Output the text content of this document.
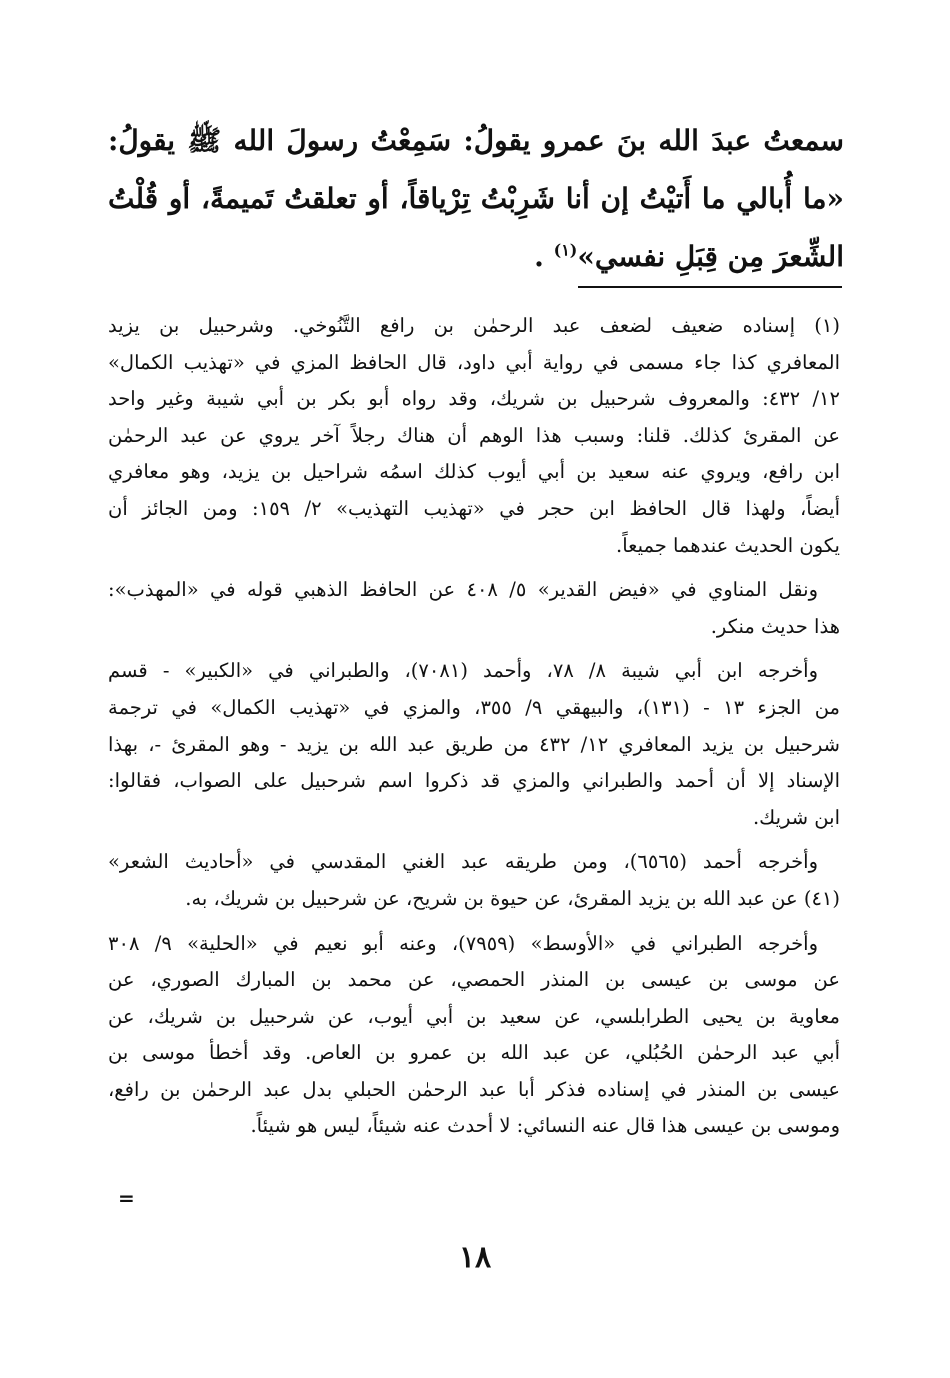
سمعتُ عبدَ الله بنَ عمرو يقولُ: سَمِعْتُ رسولَ الله ﷺ يقولُ:
«ما أُبالي ما أَتيْتُ إن أنا شَرِبْتُ تِرْياقاً، أو تعلقتُ تَميمةً، أو قُلْتُ
الشِّعرَ مِن قِبَلِ نفسي»$^{(١)}$ .
(١) إسناده ضعيف لضعف عبد الرحمٰن بن رافع التَّنُوخي. وشرحبيل بن يزيد
المعافري كذا جاء مسمى في رواية أبي داود، قال الحافظ المزي في «تهذيب الكمال»
١٢/ ٤٣٢: والمعروف شرحبيل بن شريك، وقد رواه أبو بكر بن أبي شيبة وغير واحد
عن المقرئ كذلك. قلنا: وسبب هذا الوهم أن هناك رجلاً آخر يروي عن عبد الرحمٰن
ابن رافع، ويروي عنه سعيد بن أبي أيوب كذلك اسمُه شراحيل بن يزيد، وهو معافري
أيضاً، ولهذا قال الحافظ ابن حجر في «تهذيب التهذيب» ٢/ ١٥٩: ومن الجائز أن
يكون الحديث عندهما جميعاً.
ونقل المناوي في «فيض القدير» ٥/ ٤٠٨ عن الحافظ الذهبي قوله في «المهذب»:
هذا حديث منكر.
وأخرجه ابن أبي شيبة ٨/ ٧٨، وأحمد (٧٠٨١)، والطبراني في «الكبير» - قسم
من الجزء ١٣ - (١٣١)، والبيهقي ٩/ ٣٥٥، والمزي في «تهذيب الكمال» في ترجمة
شرحبيل بن يزيد المعافري ١٢/ ٤٣٢ من طريق عبد الله بن يزيد - وهو المقرئ -، بهذا
الإسناد إلا أن أحمد والطبراني والمزي قد ذكروا اسم شرحبيل على الصواب، فقالوا:
ابن شريك.
وأخرجه أحمد (٦٥٦٥)، ومن طريقه عبد الغني المقدسي في «أحاديث الشعر»
(٤١) عن عبد الله بن يزيد المقرئ، عن حيوة بن شريح، عن شرحبيل بن شريك، به.
وأخرجه الطبراني في «الأوسط» (٧٩٥٩)، وعنه أبو نعيم في «الحلية» ٩/ ٣٠٨
عن موسى بن عيسى بن المنذر الحمصي، عن محمد بن المبارك الصوري، عن
معاوية بن يحيى الطرابلسي، عن سعيد بن أبي أيوب، عن شرحبيل بن شريك، عن
أبي عبد الرحمٰن الحُبُلي، عن عبد الله بن عمرو بن العاص. وقد أخطأ موسى بن
عيسى بن المنذر في إسناده فذكر أبا عبد الرحمٰن الحبلي بدل عبد الرحمٰن بن رافع،
وموسى بن عيسى هذا قال عنه النسائي: لا أحدث عنه شيئاً، ليس هو شيئاً.
=
١٨
